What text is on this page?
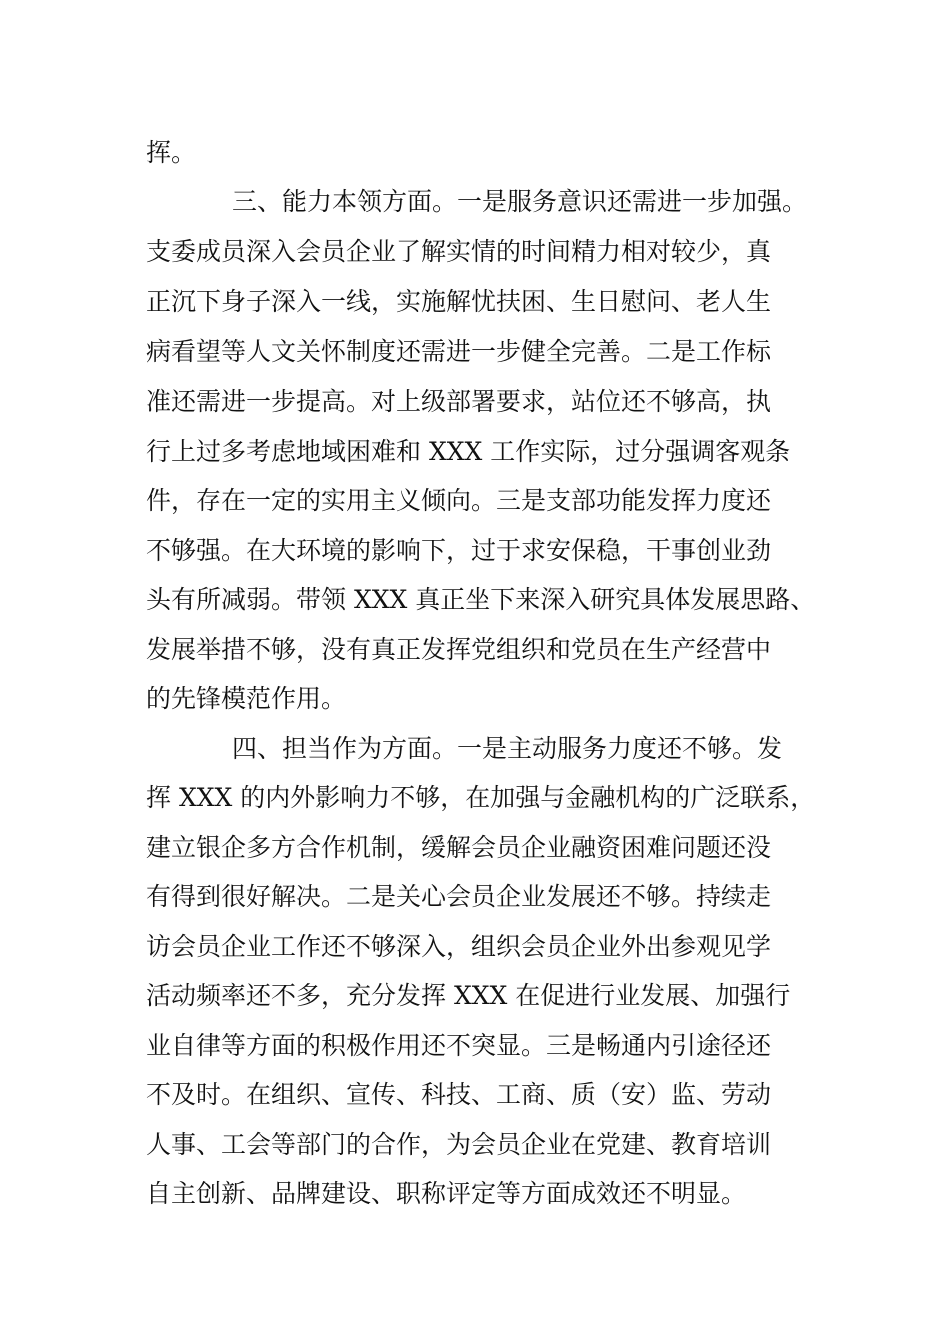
挥。
三、能力本领方面。一是服务意识还需进一步加强。
支委成员深入会员企业了解实情的时间精力相对较少，真
正沉下身子深入一线，实施解忧扶困、生日慰问、老人生
病看望等人文关怀制度还需进一步健全完善。二是工作标
准还需进一步提高。对上级部署要求，站位还不够高，执
行上过多考虑地域困难和 XXX 工作实际，过分强调客观条
件，存在一定的实用主义倾向。三是支部功能发挥力度还
不够强。在大环境的影响下，过于求安保稳，干事创业劲
头有所减弱。带领 XXX 真正坐下来深入研究具体发展思路、
发展举措不够，没有真正发挥党组织和党员在生产经营中
的先锋模范作用。
四、担当作为方面。一是主动服务力度还不够。发
挥 XXX 的内外影响力不够，在加强与金融机构的广泛联系，
建立银企多方合作机制，缓解会员企业融资困难问题还没
有得到很好解决。二是关心会员企业发展还不够。持续走
访会员企业工作还不够深入，组织会员企业外出参观见学
活动频率还不多，充分发挥 XXX 在促进行业发展、加强行
业自律等方面的积极作用还不突显。三是畅通内引途径还
不及时。在组织、宣传、科技、工商、质（安）监、劳动
人事、工会等部门的合作，为会员企业在党建、教育培训
自主创新、品牌建设、职称评定等方面成效还不明显。
